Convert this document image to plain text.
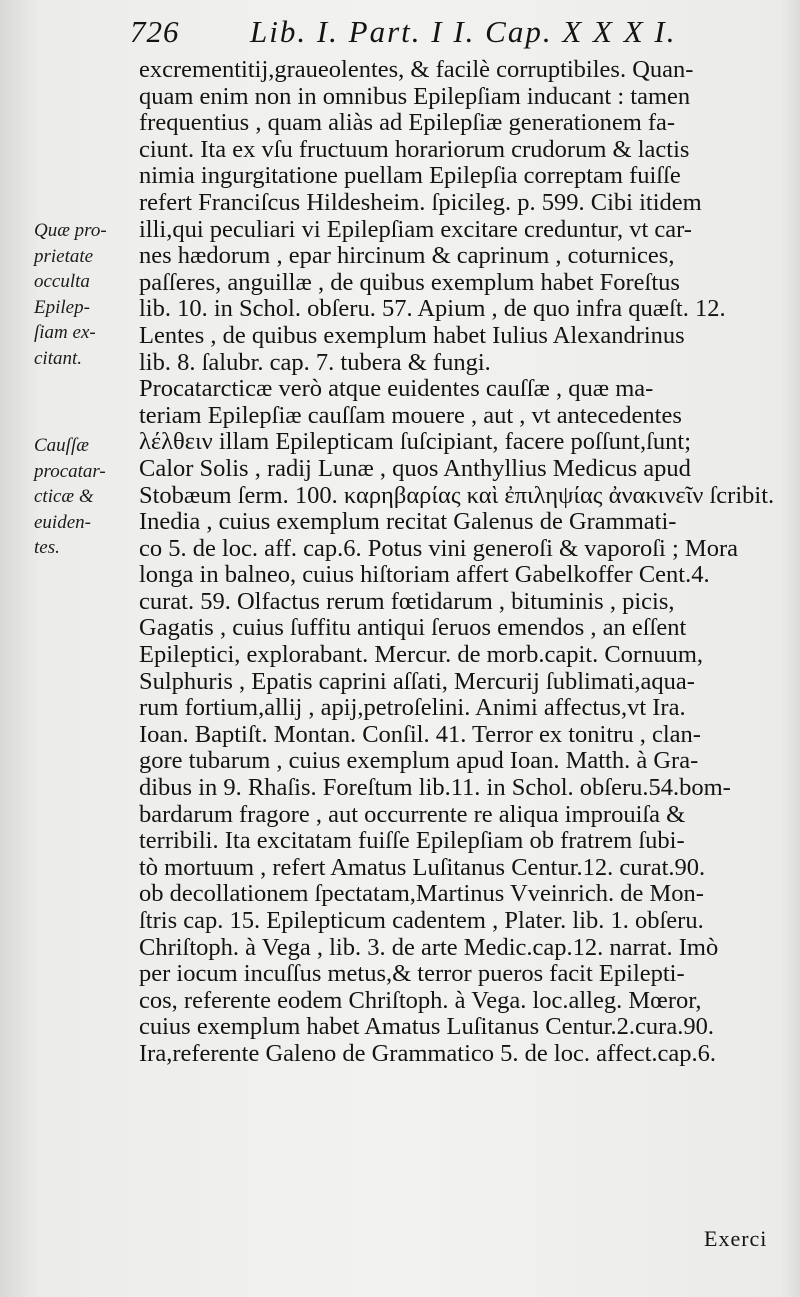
726 Lib. I. Part. I I. Cap. X X X I.
Quæ pro-
prietate
occulta
Epilep-
ſiam ex-
citant.
Cauſſæ
procatar-
cticæ &
euiden-
tes.
excrementitij,graueolentes, & facilè corruptibiles. Quan-
quam enim non in omnibus Epilepſiam inducant : tamen
frequentius , quam aliàs ad Epilepſiæ generationem fa-
ciunt. Ita ex vſu fructuum horariorum crudorum & lactis
nimia ingurgitatione puellam Epilepſia correptam fuiſſe
refert Franciſcus Hildesheim. ſpicileg. p. 599. Cibi itidem
illi,qui peculiari vi Epilepſiam excitare creduntur, vt car-
nes hædorum , epar hircinum & caprinum , coturnices,
paſſeres, anguillæ , de quibus exemplum habet Foreſtus
lib. 10. in Schol. obſeru. 57. Apium , de quo infra quæſt. 12.
Lentes , de quibus exemplum habet Iulius Alexandrinus
lib. 8. ſalubr. cap. 7. tubera & fungi.
Procatarcticæ verò atque euidentes cauſſæ , quæ ma-
teriam Epilepſiæ cauſſam mouere , aut , vt antecedentes
λέλθειν illam Epilepticam ſuſcipiant, facere poſſunt,ſunt;
Calor Solis , radij Lunæ , quos Anthyllius Medicus apud
Stobæum ſerm. 100. καρηβαρίας καὶ ἐπιληψίας ἀνακινεῖν ſcribit.
Inedia , cuius exemplum recitat Galenus de Grammati-
co 5. de loc. aff. cap.6. Potus vini generoſi & vaporoſi ; Mora
longa in balneo, cuius hiſtoriam affert Gabelkoffer Cent.4.
curat. 59. Olfactus rerum fœtidarum , bituminis , picis,
Gagatis , cuius ſuffitu antiqui ſeruos emendos , an eſſent
Epileptici, explorabant. Mercur. de morb.capit. Cornuum,
Sulphuris , Epatis caprini aſſati, Mercurij ſublimati,aqua-
rum fortium,allij , apij,petroſelini. Animi affectus,vt Ira.
Ioan. Baptiſt. Montan. Conſil. 41. Terror ex tonitru , clan-
gore tubarum , cuius exemplum apud Ioan. Matth. à Gra-
dibus in 9. Rhaſis. Foreſtum lib.11. in Schol. obſeru.54.bom-
bardarum fragore , aut occurrente re aliqua improuiſa &
terribili. Ita excitatam fuiſſe Epilepſiam ob fratrem ſubi-
tò mortuum , refert Amatus Luſitanus Centur.12. curat.90.
ob decollationem ſpectatam,Martinus Vveinrich. de Mon-
ſtris cap. 15. Epilepticum cadentem , Plater. lib. 1. obſeru.
Chriſtoph. à Vega , lib. 3. de arte Medic.cap.12. narrat. Imò
per iocum incuſſus metus,& terror pueros facit Epilepti-
cos, referente eodem Chriſtoph. à Vega. loc.alleg. Mœror,
cuius exemplum habet Amatus Luſitanus Centur.2.cura.90.
Ira,referente Galeno de Grammatico 5. de loc. affect.cap.6.
Exerci
